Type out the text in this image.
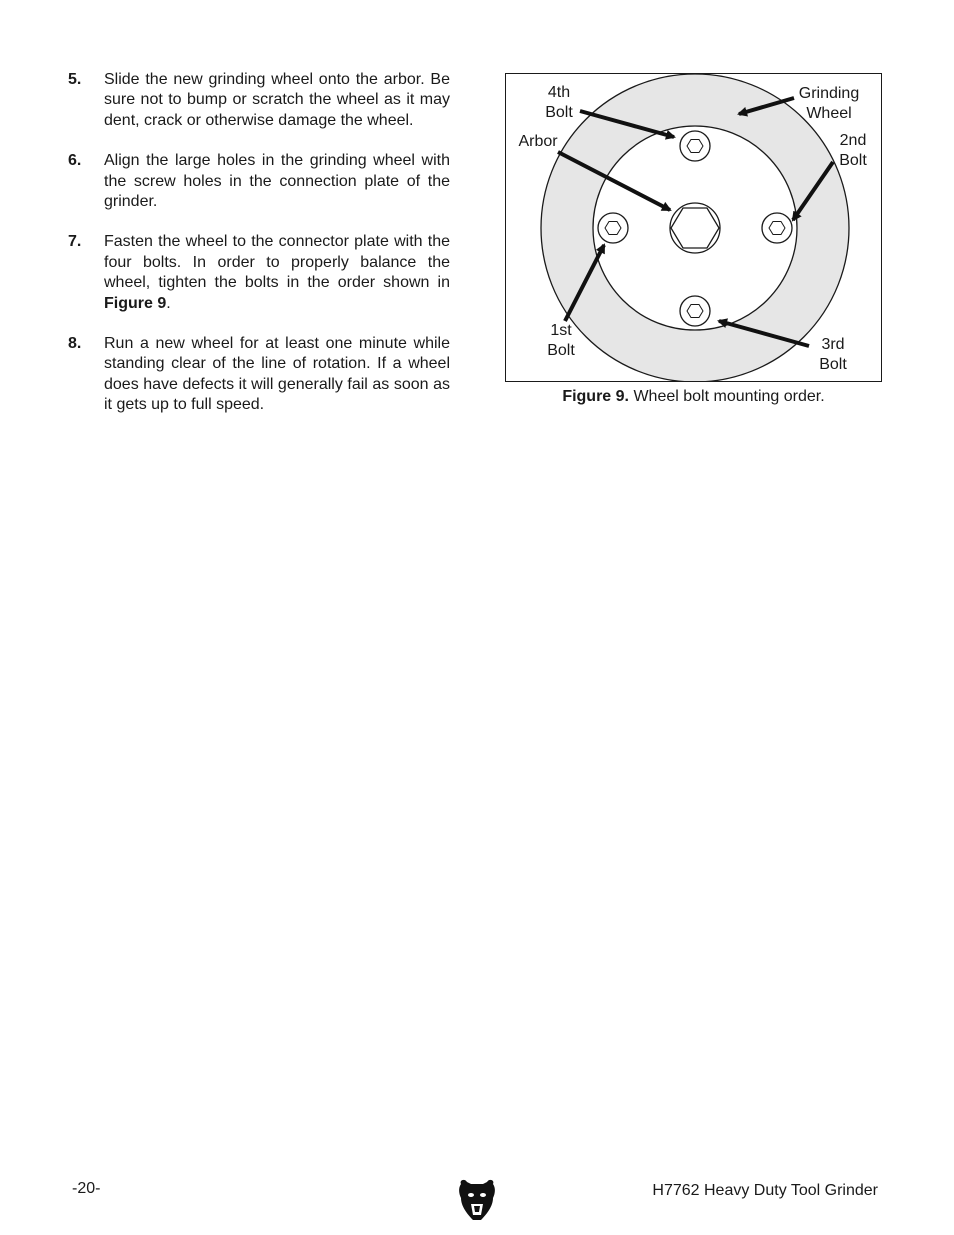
5. Slide the new grinding wheel onto the arbor. Be sure not to bump or scratch the wheel as it may dent, crack or otherwise damage the wheel.
6. Align the large holes in the grinding wheel with the screw holes in the connection plate of the grinder.
7. Fasten the wheel to the connector plate with the four bolts. In order to properly balance the wheel, tighten the bolts in the order shown in Figure 9.
8. Run a new wheel for at least one minute while standing clear of the line of rotation. If a wheel does have defects it will generally fail as soon as it gets up to full speed.
4th
Bolt
Grinding
Wheel
Arbor	2nd
Bolt
1st
Bolt	3rd
Bolt
Figure 9. Wheel bolt mounting order.
-20-	H7762 Heavy Duty Tool Grinder
